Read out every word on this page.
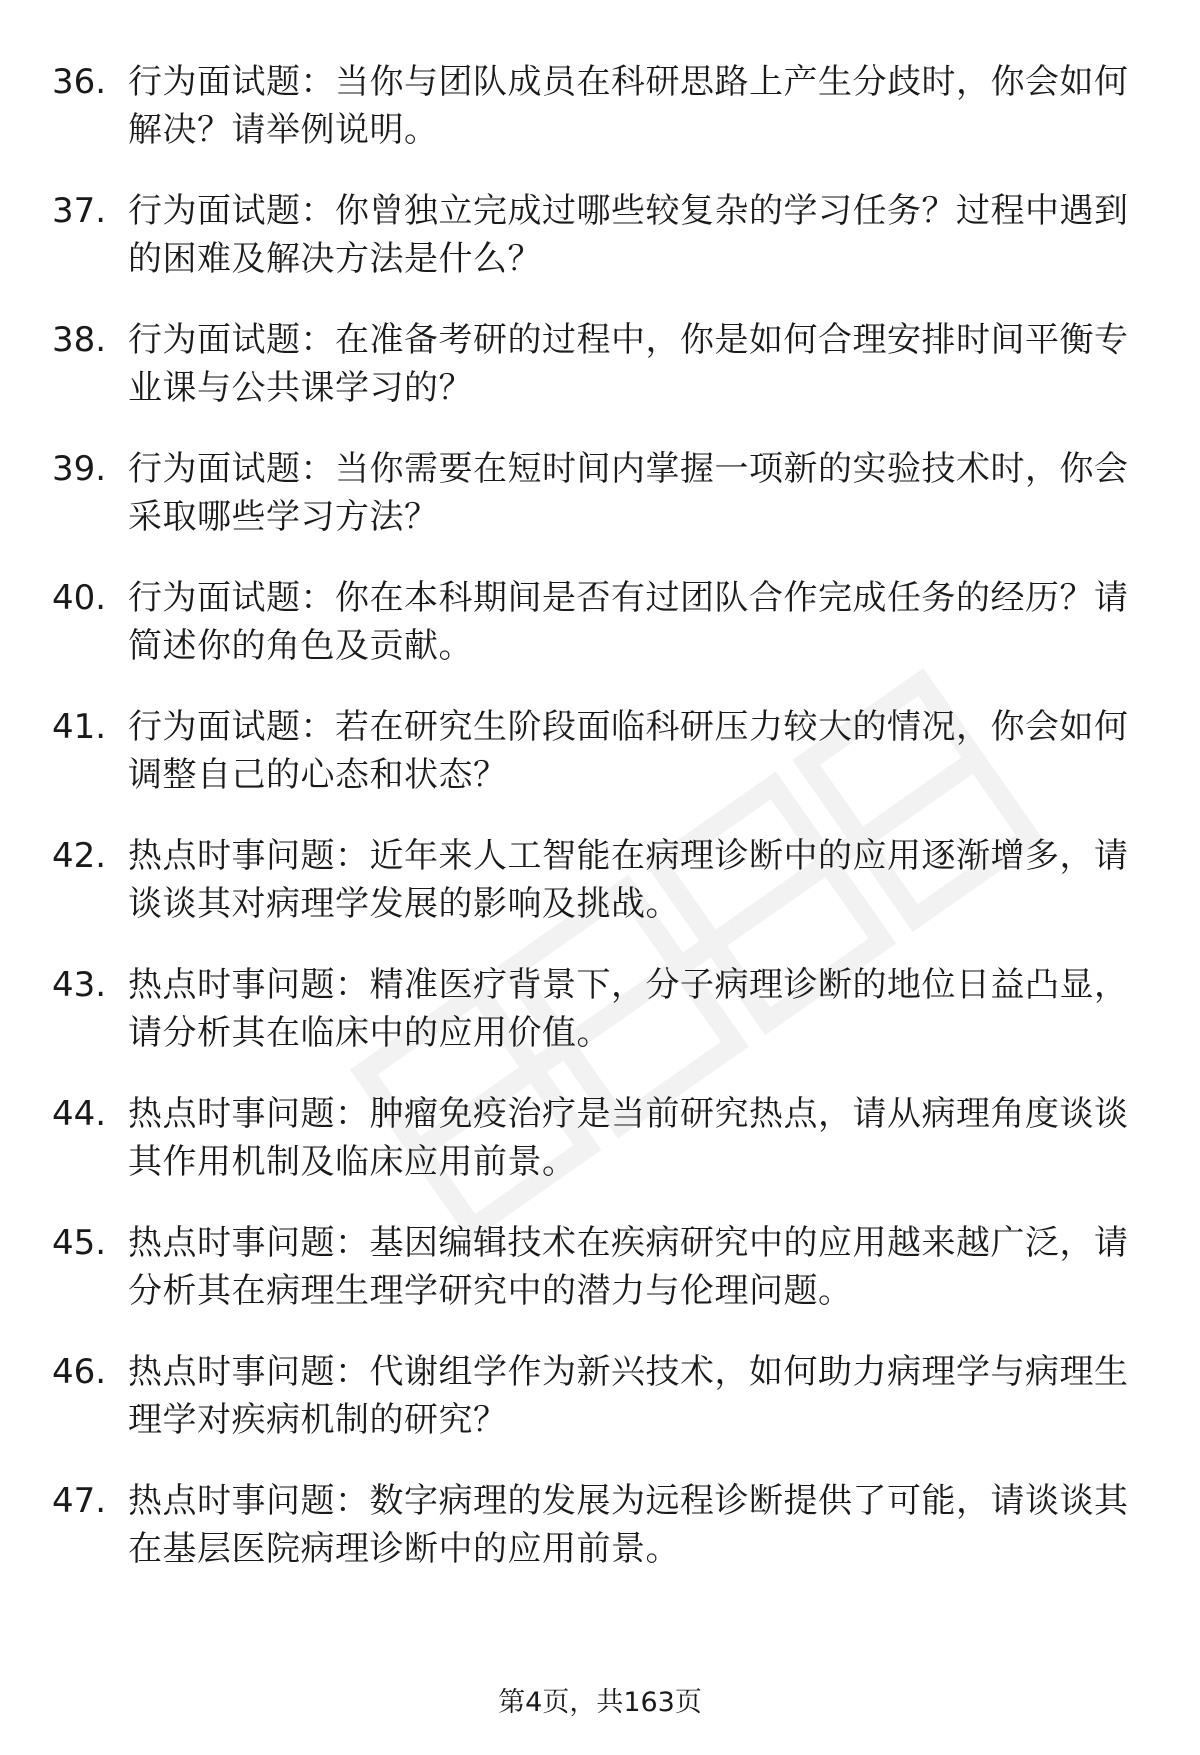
36. 行为面试题：当你与团队成员在科研思路上产生分歧时，你会如何解决？请举例说明。
37. 行为面试题：你曾独立完成过哪些较复杂的学习任务？过程中遇到的困难及解决方法是什么？
38. 行为面试题：在准备考研的过程中，你是如何合理安排时间平衡专业课与公共课学习的？
39. 行为面试题：当你需要在短时间内掌握一项新的实验技术时，你会采取哪些学习方法？
40. 行为面试题：你在本科期间是否有过团队合作完成任务的经历？请简述你的角色及贡献。
41. 行为面试题：若在研究生阶段面临科研压力较大的情况，你会如何调整自己的心态和状态？
42. 热点时事问题：近年来人工智能在病理诊断中的应用逐渐增多，请谈谈其对病理学发展的影响及挑战。
43. 热点时事问题：精准医疗背景下，分子病理诊断的地位日益凸显，请分析其在临床中的应用价值。
44. 热点时事问题：肿瘤免疫治疗是当前研究热点，请从病理角度谈谈其作用机制及临床应用前景。
45. 热点时事问题：基因编辑技术在疾病研究中的应用越来越广泛，请分析其在病理生理学研究中的潜力与伦理问题。
46. 热点时事问题：代谢组学作为新兴技术，如何助力病理学与病理生理学对疾病机制的研究？
47. 热点时事问题：数字病理的发展为远程诊断提供了可能，请谈谈其在基层医院病理诊断中的应用前景。
第4页，共163页
